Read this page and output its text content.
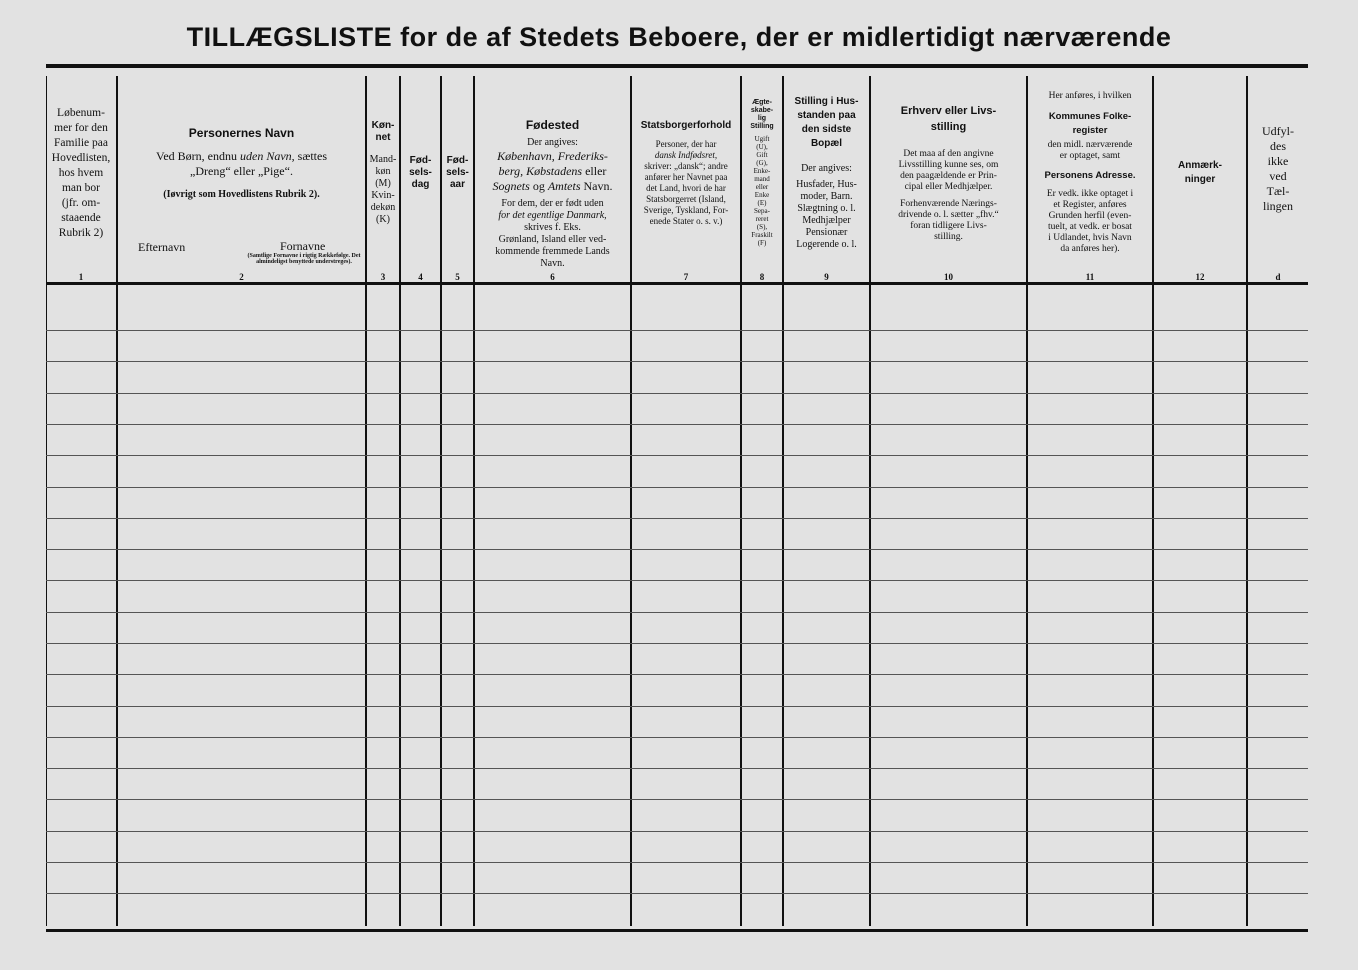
TILLÆGSLISTE for de af Stedets Beboere, der er midlertidigt nærværende
Løbenum-
mer for den
Familie paa
Hovedlisten,
hos hvem
man bor
(jfr. om-
staaende
Rubrik 2)
1
Personernes Navn
Ved Børn, endnu uden Navn, sættes
„Dreng“ eller „Pige“.
(Iøvrigt som Hovedlistens Rubrik 2).
Efternavn	Fornavne
(Samtlige Fornavne i rigtig Rækkefølge. Det almindeligst benyttede understreges).
2
Køn-
net
Mand-
køn
(M)
Kvin-
dekøn
(K)
3
Fød-
sels-
dag
4
Fød-
sels-
aar
5
Fødested
Der angives:
København, Frederiks-
berg, Købstadens eller
Sognets og Amtets Navn.
For dem, der er født uden
for det egentlige Danmark,
skrives f. Eks.
Grønland, Island eller ved-
kommende fremmede Lands
Navn.
6
Statsborgerforhold
Personer, der har
dansk Indfødsret,
skriver: „dansk“; andre
anfører her Navnet paa
det Land, hvori de har
Statsborgerret (Island,
Sverige, Tyskland, For-
enede Stater o. s. v.)
7
Ægte-
skabe-
lig
Stilling
Ugift
(U),
Gift
(G),
Enke-
mand
eller
Enke
(E)
Sepa-
reret
(S),
Fraskilt
(F)
8
Stilling i Hus-
standen paa
den sidste
Bopæl
Der angives:
Husfader, Hus-
moder, Barn.
Slægtning o. l.
Medhjælper
Pensionær
Logerende o. l.
9
Erhverv eller Livs-
stilling
Det maa af den angivne
Livsstilling kunne ses, om
den paagældende er Prin-
cipal eller Medhjælper.
Forhenværende Nærings-
drivende o. l. sætter „fhv.“
foran tidligere Livs-
stilling.
10
Her anføres, i hvilken
Kommunes Folke-
register
den midl. nærværende
er optaget, samt
Personens Adresse.
Er vedk. ikke optaget i
et Register, anføres
Grunden herfil (even-
tuelt, at vedk. er bosat
i Udlandet, hvis Navn
da anføres her).
11
Anmærk-
ninger
12
Udfyl-
des
ikke
ved
Tæl-
lingen
d
